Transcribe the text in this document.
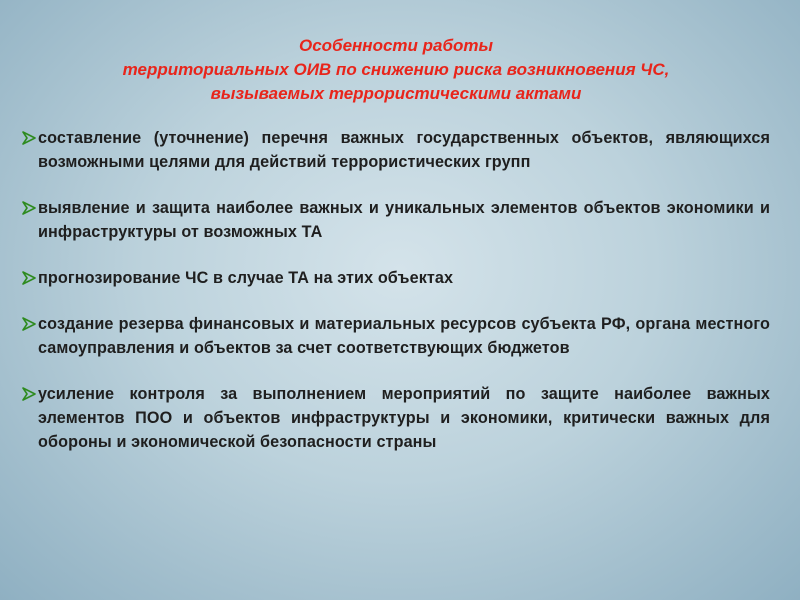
Особенности работы
территориальных ОИВ по снижению риска возникновения ЧС,
вызываемых террористическими актами
составление (уточнение) перечня важных государственных объектов, являющихся возможными целями для действий террористических групп
выявление и защита наиболее важных и уникальных элементов объектов экономики и инфраструктуры от возможных ТА
прогнозирование ЧС в случае ТА на этих объектах
создание резерва финансовых и материальных ресурсов субъекта РФ, органа местного самоуправления и объектов за счет соответствующих бюджетов
усиление контроля за выполнением мероприятий по защите наиболее важных элементов ПОО и объектов инфраструктуры и экономики, критически важных для обороны и экономической безопасности страны
